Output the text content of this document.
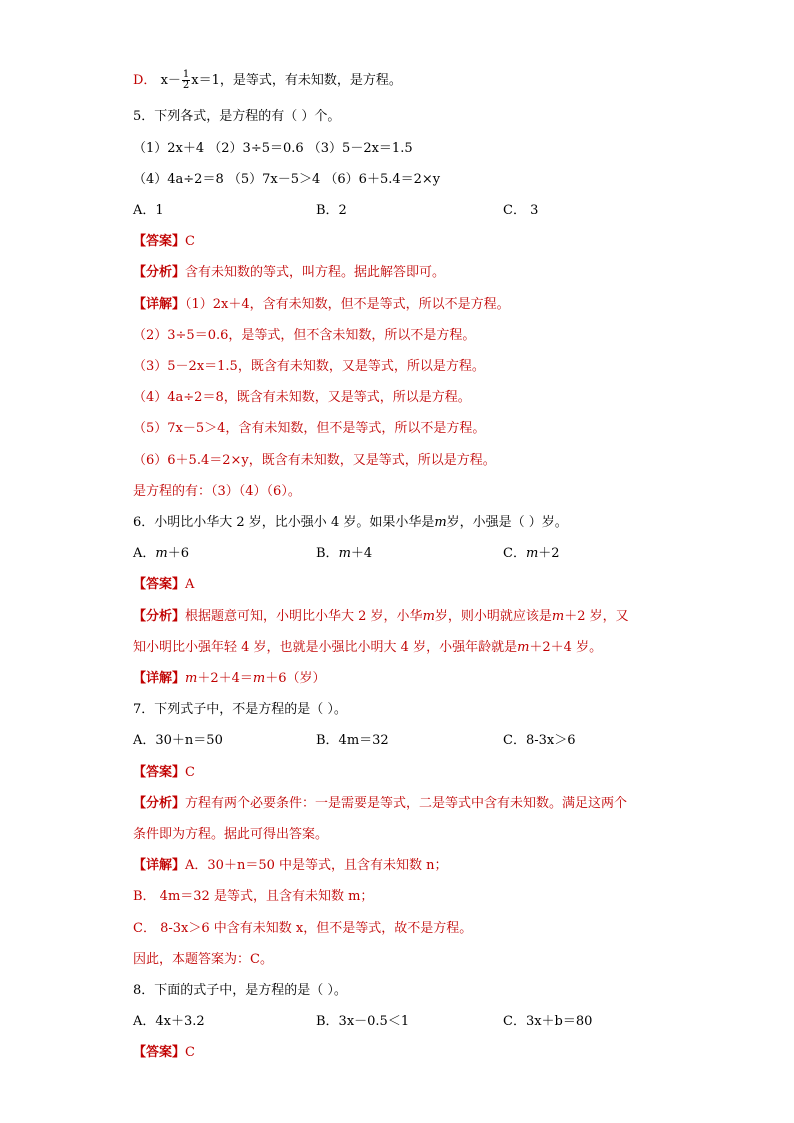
D． $x- \frac{1}{2} x=1$，是等式，有未知数，是方程。
5．下列各式，是方程的有（ ）个。
（1）2x＋4 （2）3÷5＝0.6 （3）5－2x＝1.5
（4）4a÷2＝8 （5）7x－5＞4 （6）6＋5.4＝2×y
A．1	B．2	C． 3
【答案】C
【分析】含有未知数的等式，叫方程。据此解答即可。
【详解】（1）2x＋4，含有未知数，但不是等式，所以不是方程。
（2）3÷5＝0.6，是等式，但不含未知数，所以不是方程。
（3）5－2x＝1.5，既含有未知数，又是等式，所以是方程。
（4）4a÷2＝8，既含有未知数，又是等式，所以是方程。
（5）7x－5＞4，含有未知数，但不是等式，所以不是方程。
（6）6＋5.4＝2×y，既含有未知数，又是等式，所以是方程。
是方程的有：（3）（4）（6）。
6．小明比小华大 2 岁，比小强小 4 岁。如果小华是m岁，小强是（ ）岁。
A．m＋6	B．m＋4	C．m＋2
【答案】A
【分析】根据题意可知，小明比小华大 2 岁，小华m岁，则小明就应该是m＋2 岁，又
知小明比小强年轻 4 岁，也就是小强比小明大 4 岁，小强年龄就是m＋2＋4 岁。
【详解】m＋2＋4＝m＋6（岁）
7．下列式子中，不是方程的是（ ）。
A．30＋n＝50	B．4m＝32	C．8-3x＞6
【答案】C
【分析】方程有两个必要条件：一是需要是等式，二是等式中含有未知数。满足这两个
条件即为方程。据此可得出答案。
【详解】A．30＋n＝50 中是等式，且含有未知数 n；
B． 4m＝32 是等式，且含有未知数 m；
C． 8-3x＞6 中含有未知数 x，但不是等式，故不是方程。
因此，本题答案为：C。
8．下面的式子中，是方程的是（ ）。
A．4x＋3.2	B．3x－0.5＜1	C．3x＋b＝80
【答案】C
